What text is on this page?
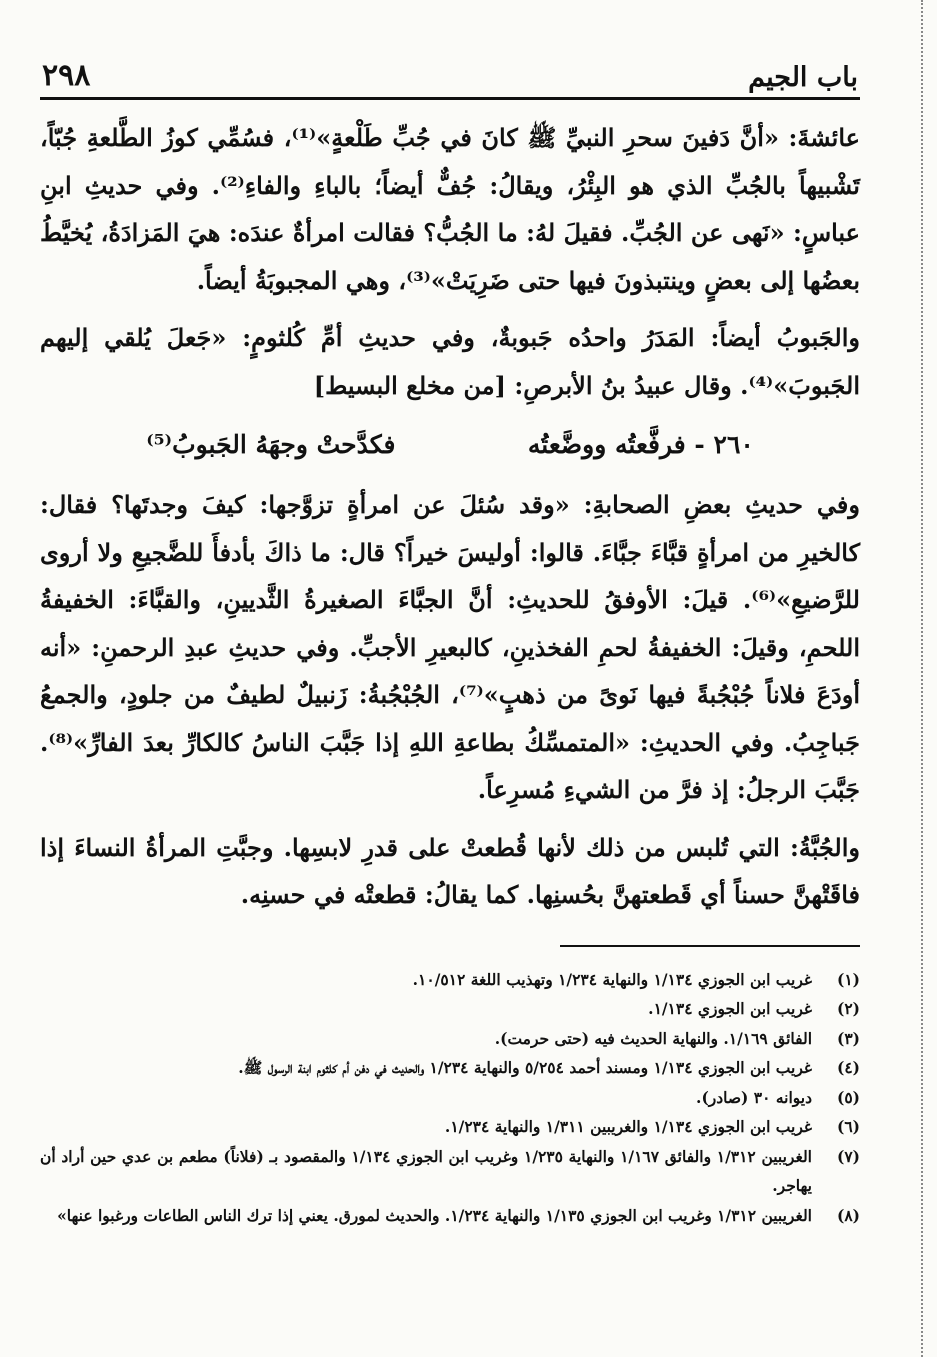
باب الجيم
٢٩٨

عائشةَ: «أنَّ دَفينَ سحرِ النبيِّ ﷺ كانَ في جُبِّ طَلْعةٍ»⁽¹⁾، فسُمِّي كوزُ الطَّلعةِ جُبّاً، تَشْبيهاً بالجُبِّ الذي هو البِئْرُ، ويقالُ: جُفٌّ أيضاً؛ بالباءِ والفاءِ⁽²⁾. وفي حديثِ ابنِ عباسٍ: «نَهى عن الجُبِّ. فقيلَ لهُ: ما الجُبُّ؟ فقالت امرأةٌ عندَه: هيَ المَزادَةُ، يُخيَّطُ بعضُها إلى بعضٍ وينتبذونَ فيها حتى ضَرِيَتْ»⁽³⁾، وهي المجبوبَةُ أيضاً.

والجَبوبُ أيضاً: المَدَرُ واحدُه جَبوبةٌ، وفي حديثِ أمِّ كُلثومٍ: «جَعلَ يُلقي إليهم الجَبوبَ»⁽⁴⁾. وقال عبيدُ بنُ الأبرصِ: [من مخلع البسيط]

٢٦٠ - فرفَّعتُه ووضَّعتُه
فكدَّحتْ وجهَهُ الجَبوبُ⁽⁵⁾

وفي حديثِ بعضِ الصحابةِ: «وقد سُئلَ عن امرأةٍ تزوَّجها: كيفَ وجدتَها؟ فقال: كالخيرِ من امرأةٍ قبَّاءَ جبَّاءَ. قالوا: أوليسَ خيراً؟ قال: ما ذاكَ بأدفأَ للضَّجيعِ ولا أروى للرَّضيعِ»⁽⁶⁾. قيلَ: الأوفقُ للحديثِ: أنَّ الجبَّاءَ الصغيرةُ الثَّديينِ، والقبَّاءَ: الخفيفةُ اللحمِ، وقيلَ: الخفيفةُ لحمِ الفخذينِ، كالبعيرِ الأجبِّ. وفي حديثِ عبدِ الرحمنِ: «أنه أودَعَ فلاناً جُبْجُبةً فيها نَوىً من ذهبٍ»⁽⁷⁾، الجُبْجُبةُ: زَنبيلٌ لطيفٌ من جلودٍ، والجمعُ جَباجِبُ. وفي الحديثِ: «المتمسِّكُ بطاعةِ اللهِ إذا جَبَّبَ الناسُ كالكارِّ بعدَ الفارِّ»⁽⁸⁾. جَبَّبَ الرجلُ: إذ فرَّ من الشيءِ مُسرِعاً.

والجُبَّةُ: التي تُلبس من ذلك لأنها قُطعتْ على قدرِ لابسِها. وجبَّتِ المرأةُ النساءَ إذا فاقَتْهنَّ حسناً أي قَطعتهنَّ بحُسنِها. كما يقالُ: قطعتْه في حسنِه.

(١)
غريب ابن الجوزي ١/١٣٤ والنهاية ١/٢٣٤ وتهذيب اللغة ١٠/٥١٢.
(٢)
غريب ابن الجوزي ١/١٣٤.
(٣)
الفائق ١/١٦٩. والنهاية الحديث فيه (حتى حرمت).
(٤)
غريب ابن الجوزي ١/١٣٤ ومسند أحمد ٥/٢٥٤ والنهاية ١/٢٣٤ والحديث في دفن أم كلثوم ابنة الرسول ﷺ.
(٥)
ديوانه ٣٠ (صادر).
(٦)
غريب ابن الجوزي ١/١٣٤ والغريبين ١/٣١١ والنهاية ١/٢٣٤.
(٧)
الغريبين ١/٣١٢ والفائق ١/١٦٧ والنهاية ١/٢٣٥ وغريب ابن الجوزي ١/١٣٤ والمقصود بـ (فلاناً) مطعم بن عدي حين أراد أن يهاجر.
(٨)
الغريبين ١/٣١٢ وغريب ابن الجوزي ١/١٣٥ والنهاية ١/٢٣٤. والحديث لمورق. يعني إذا ترك الناس الطاعات ورغبوا عنها»
